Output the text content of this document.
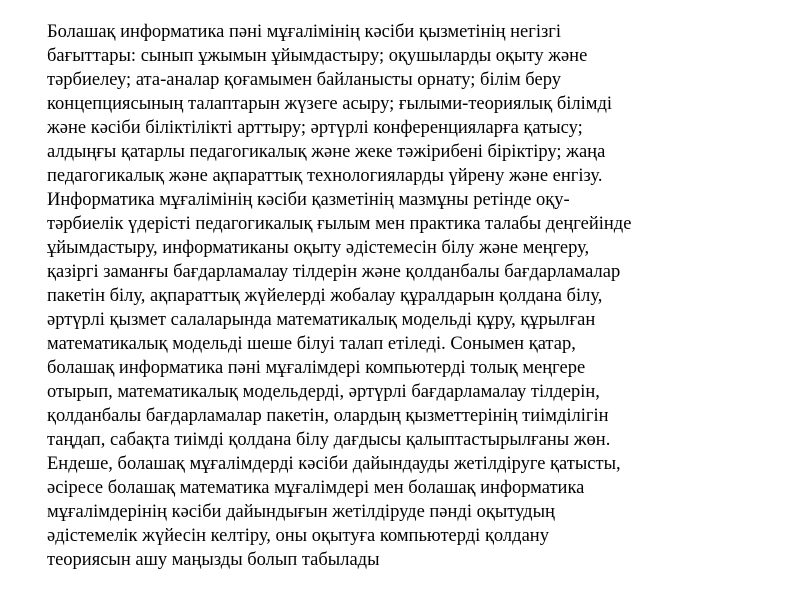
Болашақ информатика пәні мұғалімінің кәсіби қызметінің негізгі
бағыттары: сынып ұжымын ұйымдастыру; оқушыларды оқыту және
тәрбиелеу; ата-аналар қоғамымен байланысты орнату; білім беру
концепциясының талаптарын жүзеге асыру; ғылыми-теориялық білімді
және кәсіби біліктілікті арттыру; әртүрлі конференцияларға қатысу;
алдыңғы қатарлы педагогикалық және жеке тәжірибені біріктіру; жаңа
педагогикалық және ақпараттық технологияларды үйрену және енгізу.
Информатика мұғалімінің кәсіби қазметінің мазмұны ретінде оқу-
тәрбиелік үдерісті педагогикалық ғылым мен практика талабы деңгейінде
ұйымдастыру, информатиканы оқыту әдістемесін білу және меңгеру,
қазіргі заманғы бағдарламалау тілдерін және қолданбалы бағдарламалар
пакетін білу, ақпараттық жүйелерді жобалау құралдарын қолдана білу,
әртүрлі қызмет салаларында математикалық модельдi құру, құрылған
математикалық модельді шеше білуі талап етіледі. Сонымен қатар,
болашақ информатика пәні мұғалімдері компьютерді толық меңгере
отырып, математикалық модельдерді, әртүрлі бағдарламалау тілдерін,
қолданбалы бағдарламалар пакетін, олардың қызметтерінің тиімділігін
таңдап, сабақта тиімді қолдана білу дағдысы қалыптастырылғаны жөн.
Ендеше, болашақ мұғалімдерді кәсіби дайындауды жетілдіруге қатысты,
әсіресе болашақ математика мұғалімдері мен болашақ информатика
мұғалімдерінің кәсіби дайындығын жетілдіруде пәнді оқытудың
әдістемелік жүйесін келтіру, оны оқытуға компьютерді қолдану
теориясын ашу маңызды болып табылады
